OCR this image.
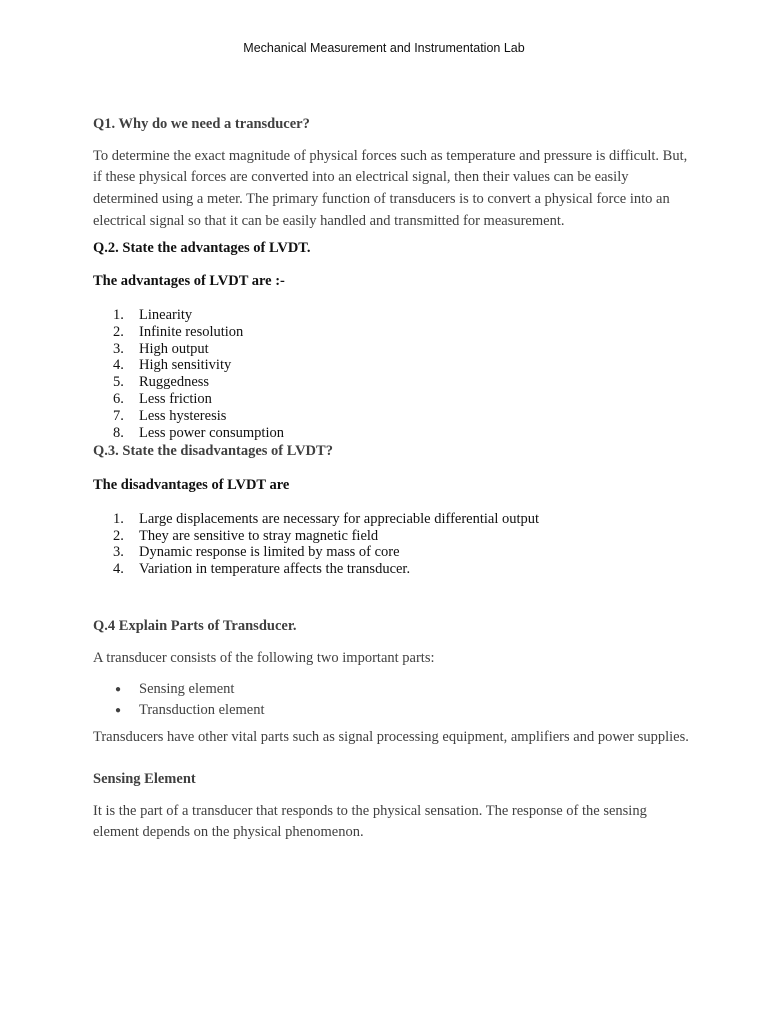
Mechanical Measurement and Instrumentation Lab

Q1. Why do we need a transducer?

To determine the exact magnitude of physical forces such as temperature and pressure is difficult. But, if these physical forces are converted into an electrical signal, then their values can be easily determined using a meter. The primary function of transducers is to convert a physical force into an electrical signal so that it can be easily handled and transmitted for measurement.

Q.2. State the advantages of LVDT.

The advantages of LVDT are :-

1.	Linearity
2.	Infinite resolution
3.	High output
4.	High sensitivity
5.	Ruggedness
6.	Less friction
7.	Less hysteresis
8.	Less power consumption

Q.3. State the disadvantages of LVDT?

The disadvantages of LVDT are

1.	Large displacements are necessary for appreciable differential output
2.	They are sensitive to stray magnetic field
3.	Dynamic response is limited by mass of core
4.	Variation in temperature affects the transducer.

Q.4 Explain Parts of Transducer.

A transducer consists of the following two important parts:

● Sensing element
● Transduction element

Transducers have other vital parts such as signal processing equipment, amplifiers and power supplies.

Sensing Element

It is the part of a transducer that responds to the physical sensation. The response of the sensing element depends on the physical phenomenon.
